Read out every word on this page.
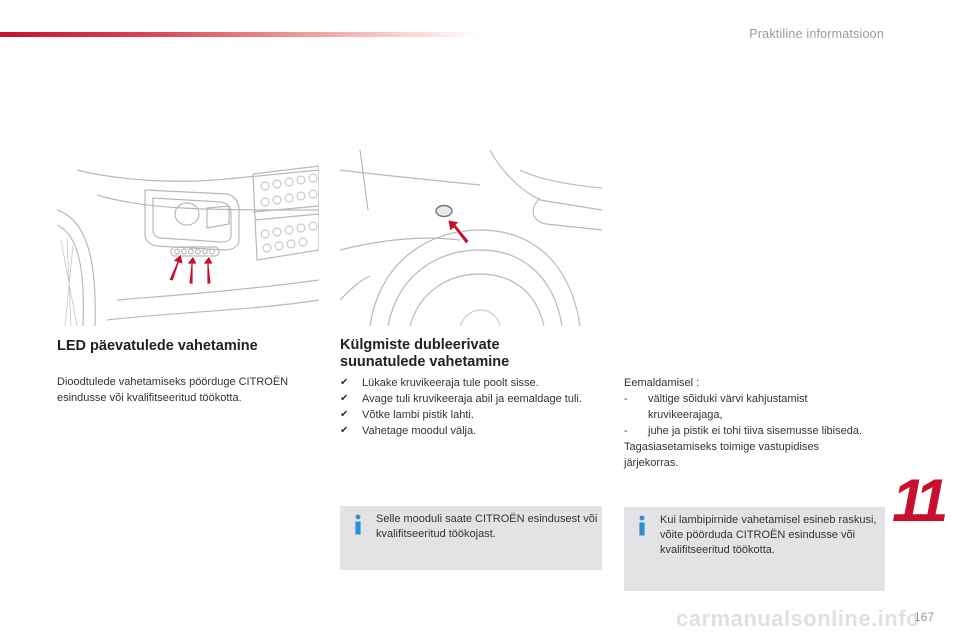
Praktiline informatsioon
LED päevatulede vahetamine
Dioodtulede vahetamiseks pöörduge CITROËN esindusse või kvalifitseeritud töökotta.
Külgmiste dubleerivate
suunatulede vahetamine
✔ Lükake kruvikeeraja tule poolt sisse.
✔ Avage tuli kruvikeeraja abil ja eemaldage tuli.
✔ Võtke lambi pistik lahti.
✔ Vahetage moodul välja.
Selle mooduli saate CITROËN esindusest või kvalifitseeritud töökojast.
Eemaldamisel :
- vältige sõiduki värvi kahjustamist kruvikeerajaga,
- juhe ja pistik ei tohi tiiva sisemusse libiseda.
Tagasiasetamiseks toimige vastupidises järjekorras.
Kui lambipirnide vahetamisel esineb raskusi, võite pöörduda CITROËN esindusse või kvalifitseeritud töökotta.
11
carmanualsonline.info
167
